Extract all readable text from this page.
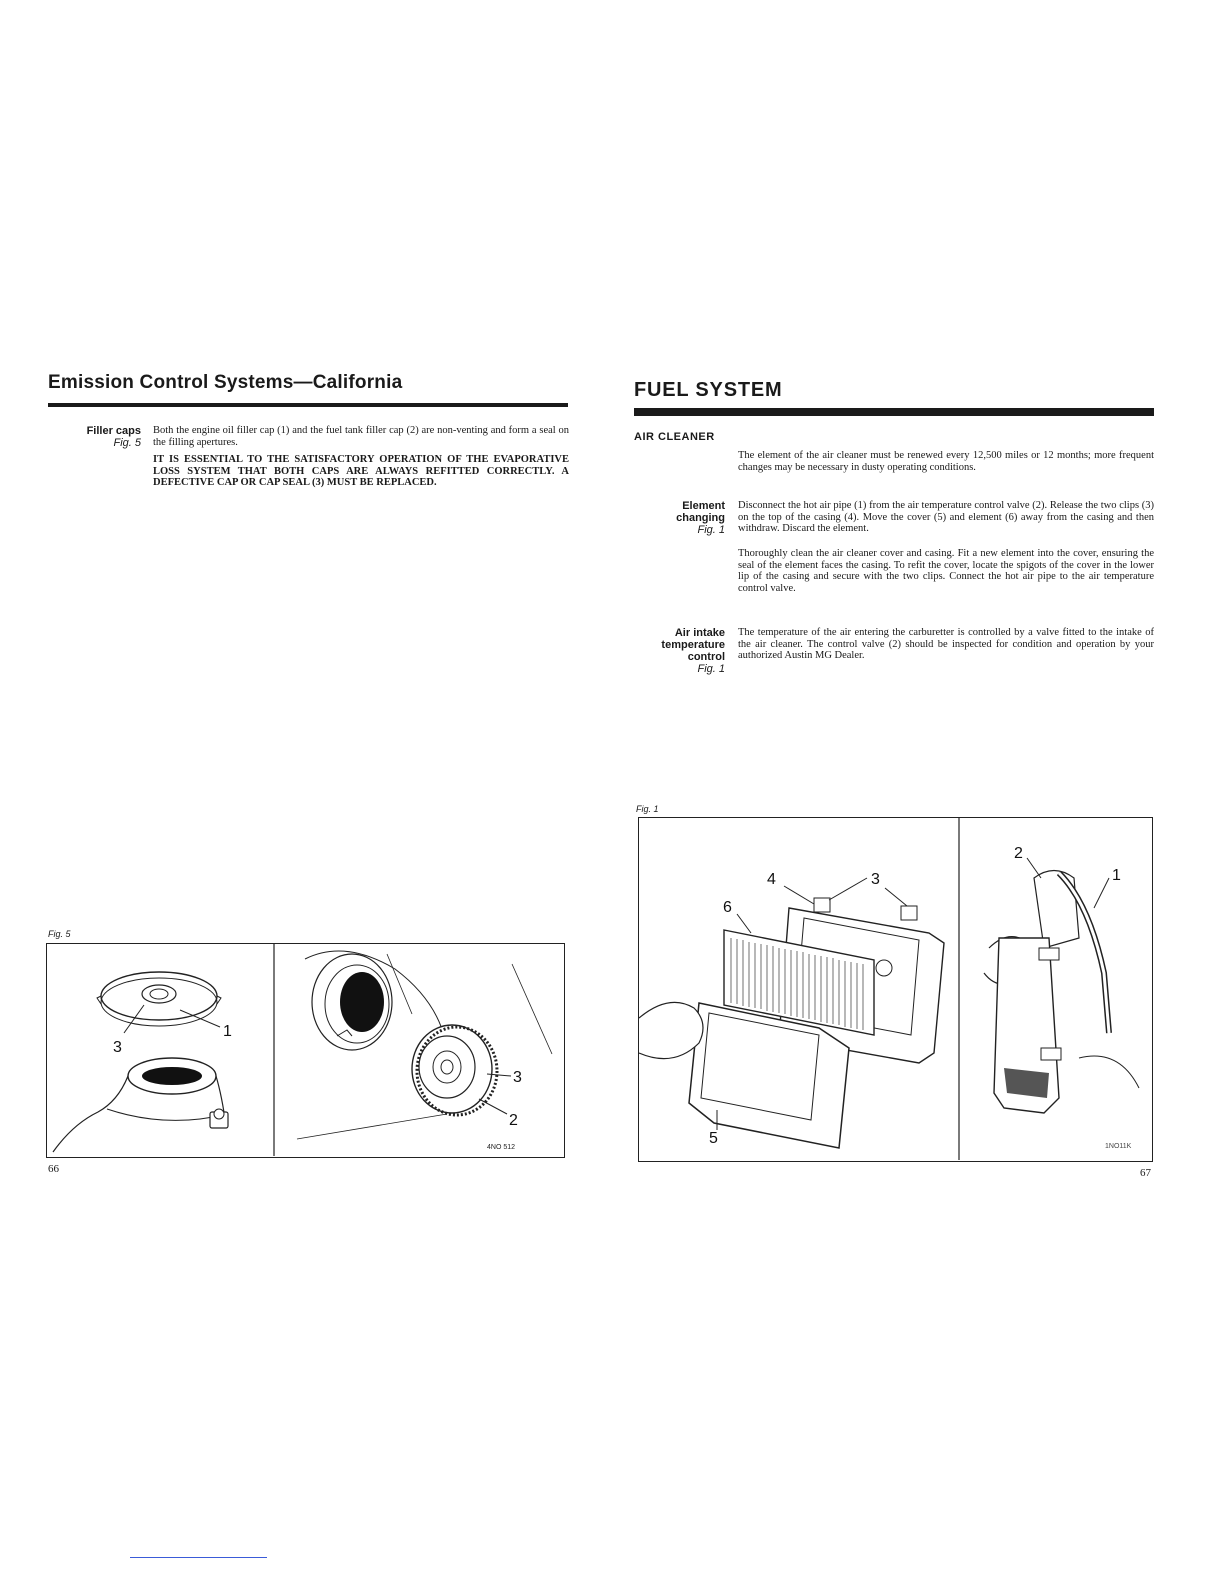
Emission Control Systems—California
Filler caps
Fig. 5
Both the engine oil filler cap (1) and the fuel tank filler cap (2) are non-venting and form a seal on the filling apertures.
IT IS ESSENTIAL TO THE SATISFACTORY OPERATION OF THE EVAPORATIVE LOSS SYSTEM THAT BOTH CAPS ARE ALWAYS REFITTED CORRECTLY. A DEFECTIVE CAP OR CAP SEAL (3) MUST BE REPLACED.
Fig. 5
3
1
3
2
4NO 512
66
FUEL SYSTEM
AIR CLEANER
The element of the air cleaner must be renewed every 12,500 miles or 12 months; more frequent changes may be necessary in dusty operating conditions.
Element
changing
Fig. 1
Disconnect the hot air pipe (1) from the air temperature control valve (2). Release the two clips (3) on the top of the casing (4). Move the cover (5) and element (6) away from the casing and then withdraw. Discard the element.
Thoroughly clean the air cleaner cover and casing. Fit a new element into the cover, ensuring the seal of the element faces the casing. To refit the cover, locate the spigots of the cover in the lower lip of the casing and secure with the two clips. Connect the hot air pipe to the air temperature control valve.
Air intake
temperature
control
Fig. 1
The temperature of the air entering the carburetter is controlled by a valve fitted to the intake of the air cleaner. The control valve (2) should be inspected for condition and operation by your authorized Austin MG Dealer.
Fig. 1
4	3
6
5
2
1
1NO11K
67
